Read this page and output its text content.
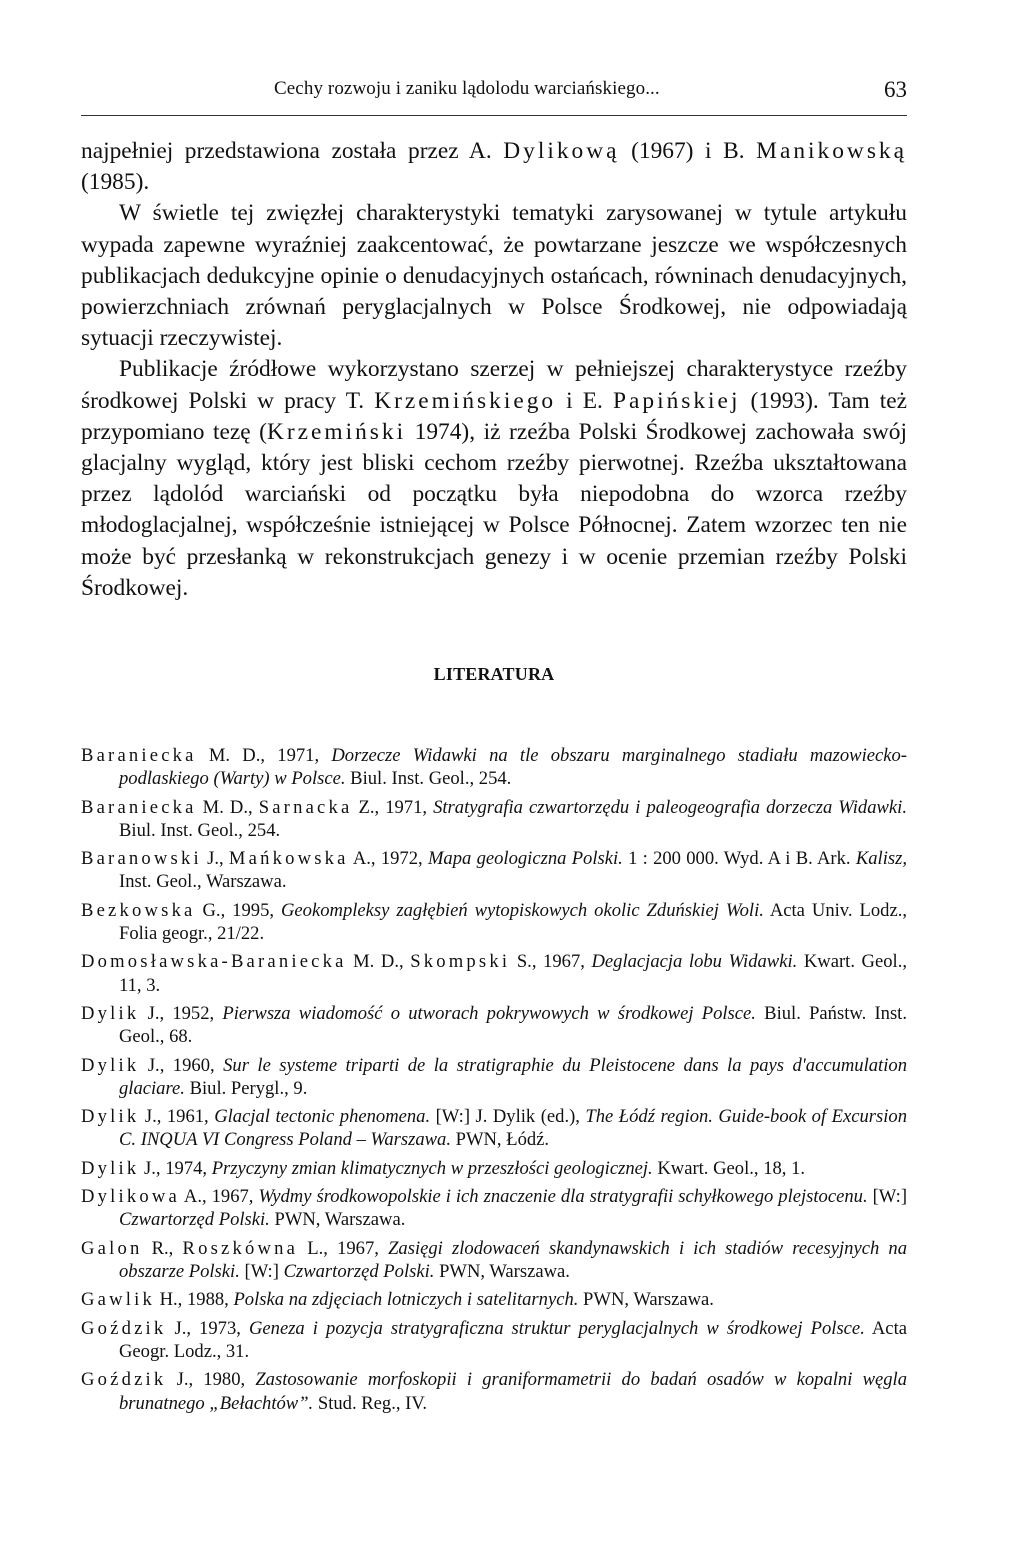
Cechy rozwoju i zaniku lądolodu warciańskiego...	63

najpełniej przedstawiona została przez A. Dylikową (1967) i B. Manikowską (1985).

W świetle tej zwięzłej charakterystyki tematyki zarysowanej w tytule artykułu wypada zapewne wyraźniej zaakcentować, że powtarzane jeszcze we współczesnych publikacjach dedukcyjne opinie o denudacyjnych ostańcach, równinach denudacyjnych, powierzchniach zrównań peryglacjalnych w Polsce Środkowej, nie odpowiadają sytuacji rzeczywistej.

Publikacje źródłowe wykorzystano szerzej w pełniejszej charakterystyce rzeźby środkowej Polski w pracy T. Krzemińskiego i E. Papińskiej (1993). Tam też przypomiano tezę (Krzemiński 1974), iż rzeźba Polski Środkowej zachowała swój glacjalny wygląd, który jest bliski cechom rzeźby pierwotnej. Rzeźba ukształtowana przez lądolód warciański od początku była niepodobna do wzorca rzeźby młodoglacjalnej, współcześnie istniejącej w Polsce Północnej. Zatem wzorzec ten nie może być przesłanką w rekonstrukcjach genezy i w ocenie przemian rzeźby Polski Środkowej.

LITERATURA

Baraniecka M. D., 1971, Dorzecze Widawki na tle obszaru marginalnego stadiału mazowiecko-podlaskiego (Warty) w Polsce. Biul. Inst. Geol., 254.

Baraniecka M. D., Sarnacka Z., 1971, Stratygrafia czwartorzędu i paleogeografia dorzecza Widawki. Biul. Inst. Geol., 254.

Baranowski J., Mańkowska A., 1972, Mapa geologiczna Polski. 1 : 200 000. Wyd. A i B. Ark. Kalisz, Inst. Geol., Warszawa.

Bezkowska G., 1995, Geokompleksy zagłębień wytopiskowych okolic Zduńskiej Woli. Acta Univ. Lodz., Folia geogr., 21/22.

Domosławska-Baraniecka M. D., Skompski S., 1967, Deglacjacja lobu Widawki. Kwart. Geol., 11, 3.

Dylik J., 1952, Pierwsza wiadomość o utworach pokrywowych w środkowej Polsce. Biul. Państw. Inst. Geol., 68.

Dylik J., 1960, Sur le systeme triparti de la stratigraphie du Pleistocene dans la pays d'accumulation glaciare. Biul. Perygl., 9.

Dylik J., 1961, Glacjal tectonic phenomena. [W:] J. Dylik (ed.), The Łódź region. Guide-book of Excursion C. INQUA VI Congress Poland – Warszawa. PWN, Łódź.

Dylik J., 1974, Przyczyny zmian klimatycznych w przeszłości geologicznej. Kwart. Geol., 18, 1.

Dylikowa A., 1967, Wydmy środkowopolskie i ich znaczenie dla stratygrafii schyłkowego plejstocenu. [W:] Czwartorzęd Polski. PWN, Warszawa.

Galon R., Roszkówna L., 1967, Zasięgi zlodowaceń skandynawskich i ich stadiów recesyjnych na obszarze Polski. [W:] Czwartorzęd Polski. PWN, Warszawa.

Gawlik H., 1988, Polska na zdjęciach lotniczych i satelitarnych. PWN, Warszawa.

Goździk J., 1973, Geneza i pozycja stratygraficzna struktur peryglacjalnych w środkowej Polsce. Acta Geogr. Lodz., 31.

Goździk J., 1980, Zastosowanie morfoskopii i graniformametrii do badań osadów w kopalni węgla brunatnego „Bełachtów”. Stud. Reg., IV.
